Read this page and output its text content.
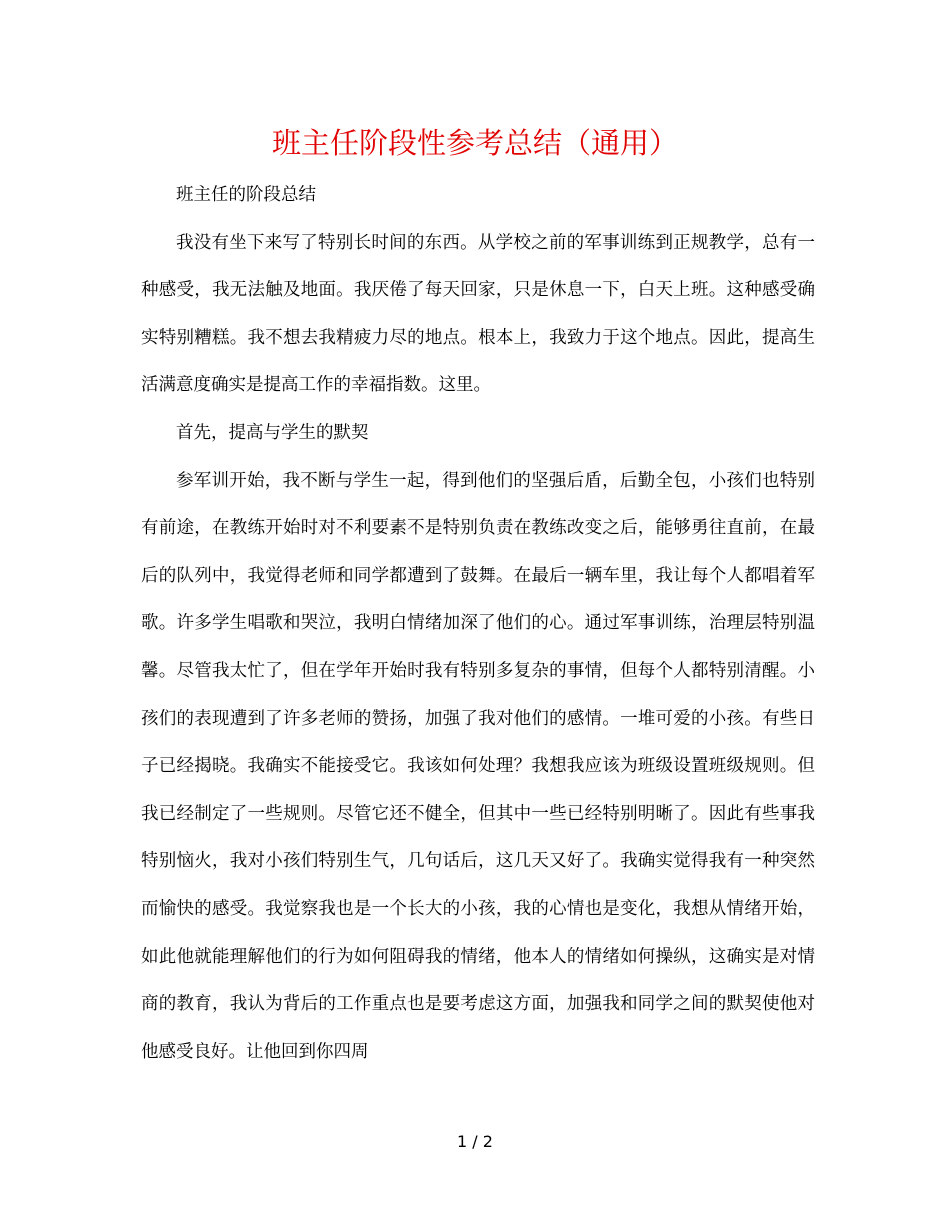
班主任阶段性参考总结（通用）

班主任的阶段总结

我没有坐下来写了特别长时间的东西。从学校之前的军事训练到正规教学，总有一种感受，我无法触及地面。我厌倦了每天回家，只是休息一下，白天上班。这种感受确实特别糟糕。我不想去我精疲力尽的地点。根本上，我致力于这个地点。因此，提高生活满意度确实是提高工作的幸福指数。这里。

首先，提高与学生的默契

参军训开始，我不断与学生一起，得到他们的坚强后盾，后勤全包，小孩们也特别有前途，在教练开始时对不利要素不是特别负责在教练改变之后，能够勇往直前，在最后的队列中，我觉得老师和同学都遭到了鼓舞。在最后一辆车里，我让每个人都唱着军歌。许多学生唱歌和哭泣，我明白情绪加深了他们的心。通过军事训练，治理层特别温馨。尽管我太忙了，但在学年开始时我有特别多复杂的事情，但每个人都特别清醒。小孩们的表现遭到了许多老师的赞扬，加强了我对他们的感情。一堆可爱的小孩。有些日子已经揭晓。我确实不能接受它。我该如何处理？我想我应该为班级设置班级规则。但我已经制定了一些规则。尽管它还不健全，但其中一些已经特别明晰了。因此有些事我特别恼火，我对小孩们特别生气，几句话后，这几天又好了。我确实觉得我有一种突然而愉快的感受。我觉察我也是一个长大的小孩，我的心情也是变化，我想从情绪开始，如此他就能理解他们的行为如何阻碍我的情绪，他本人的情绪如何操纵，这确实是对情商的教育，我认为背后的工作重点也是要考虑这方面，加强我和同学之间的默契使他对他感受良好。让他回到你四周

1 / 2
